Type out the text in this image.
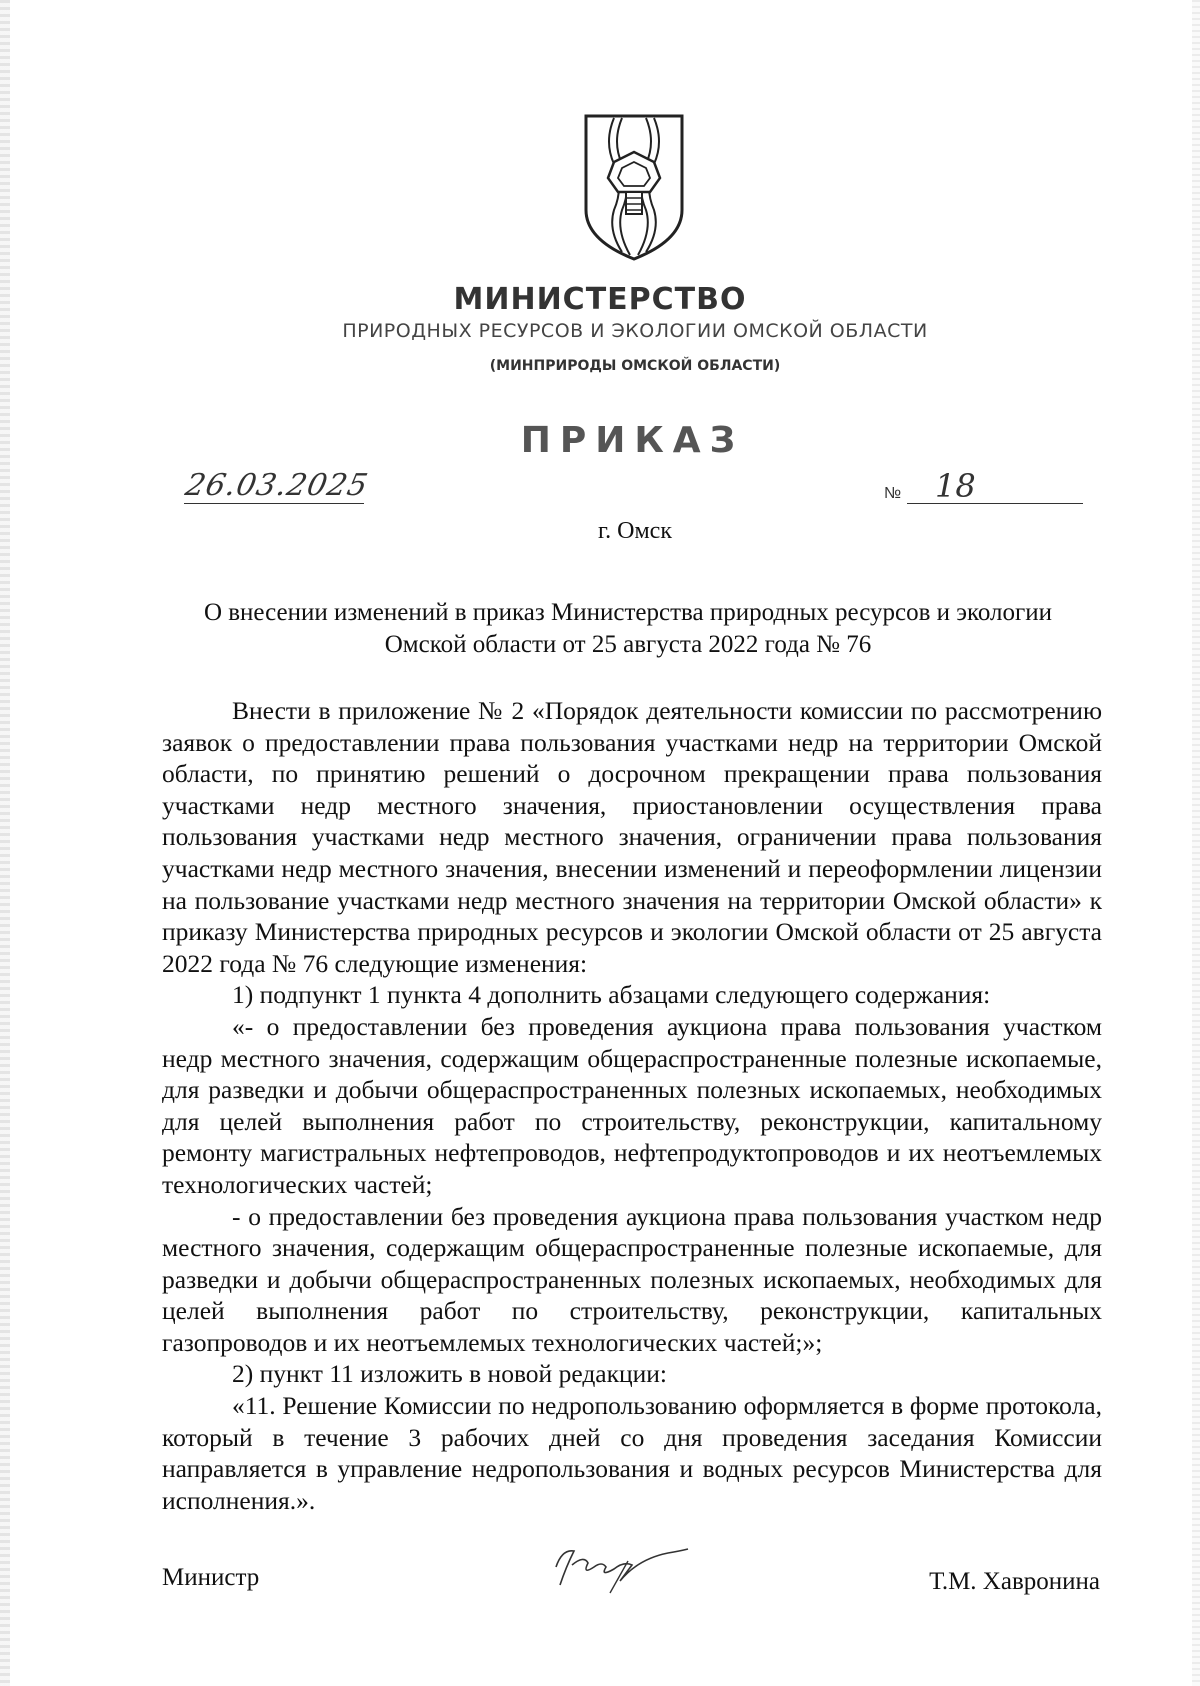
МИНИСТЕРСТВО
ПРИРОДНЫХ РЕСУРСОВ И ЭКОЛОГИИ ОМСКОЙ ОБЛАСТИ
(МИНПРИРОДЫ ОМСКОЙ ОБЛАСТИ)
ПРИКАЗ
26.03.2025	№ 18
г. Омск
О внесении изменений в приказ Министерства природных ресурсов и экологии
Омской области от 25 августа 2022 года № 76

Внести в приложение № 2 «Порядок деятельности комиссии по рассмотрению заявок о предоставлении права пользования участками недр на территории Омской области, по принятию решений о досрочном прекращении права пользования участками недр местного значения, приостановлении осуществления права пользования участками недр местного значения, ограничении права пользования участками недр местного значения, внесении изменений и переоформлении лицензии на пользование участками недр местного значения на территории Омской области» к приказу Министерства природных ресурсов и экологии Омской области от 25 августа 2022 года № 76 следующие изменения:

1) подпункт 1 пункта 4 дополнить абзацами следующего содержания:

«- о предоставлении без проведения аукциона права пользования участком недр местного значения, содержащим общераспространенные полезные ископаемые, для разведки и добычи общераспространенных полезных ископаемых, необходимых для целей выполнения работ по строительству, реконструкции, капитальному ремонту магистральных нефтепроводов, нефтепродуктопроводов и их неотъемлемых технологических частей;

- о предоставлении без проведения аукциона права пользования участком недр местного значения, содержащим общераспространенные полезные ископаемые, для разведки и добычи общераспространенных полезных ископаемых, необходимых для целей выполнения работ по строительству, реконструкции, капитальных газопроводов и их неотъемлемых технологических частей;»;

2) пункт 11 изложить в новой редакции:

«11. Решение Комиссии по недропользованию оформляется в форме протокола, который в течение 3 рабочих дней со дня проведения заседания Комиссии направляется в управление недропользования и водных ресурсов Министерства для исполнения.».

Министр	Т.М. Хавронина
